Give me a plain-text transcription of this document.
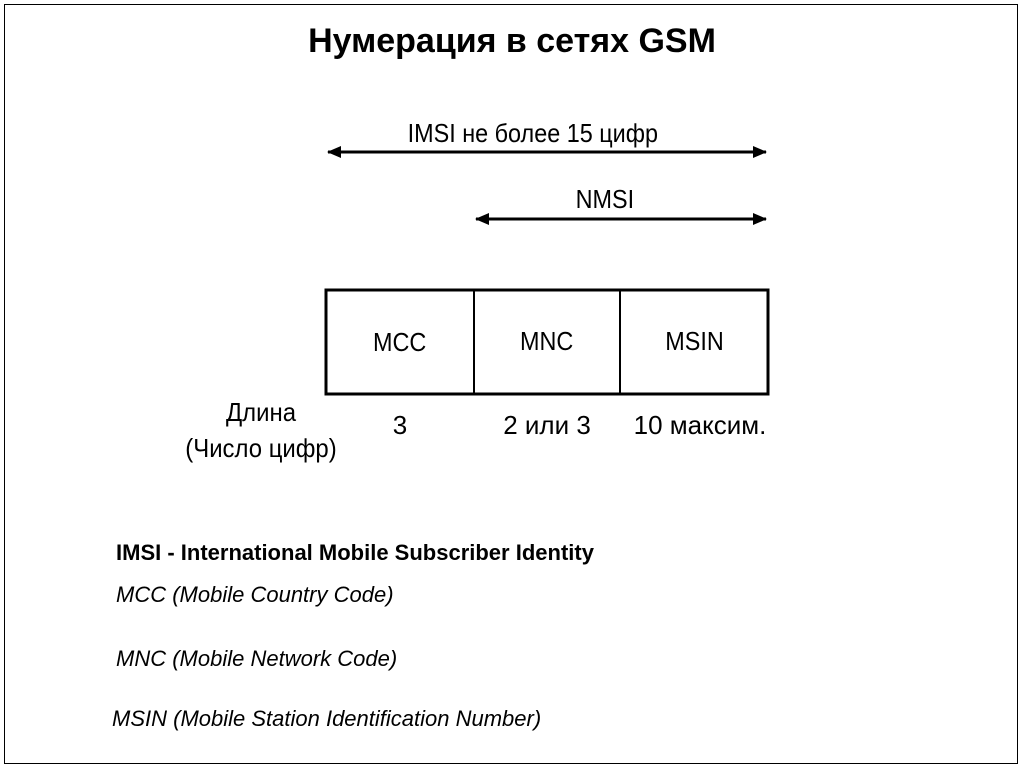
Нумерация в сетях GSM
IMSI не более 15 цифр
NMSI
MCC	MNC	MSIN
Длина
(Число цифр)
3	2 или 3	10 максим.
IMSI - International Mobile Subscriber Identity
MCC (Mobile Country Code)
MNC (Mobile Network Code)
MSIN (Mobile Station Identification Number)
